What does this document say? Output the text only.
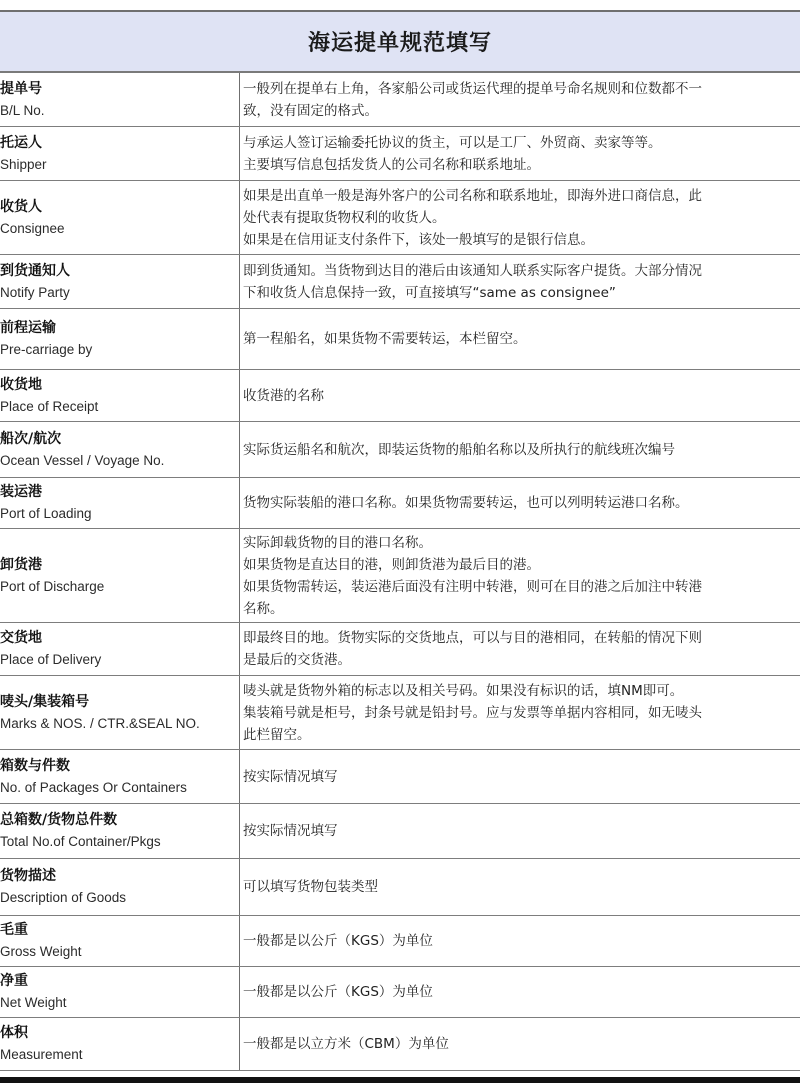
海运提单规范填写
提单号
B/L No.
一般列在提单右上角，各家船公司或货运代理的提单号命名规则和位数都不一
致，没有固定的格式。
托运人
Shipper
与承运人签订运输委托协议的货主，可以是工厂、外贸商、卖家等等。
主要填写信息包括发货人的公司名称和联系地址。
收货人
Consignee
如果是出直单一般是海外客户的公司名称和联系地址，即海外进口商信息，此
处代表有提取货物权利的收货人。
如果是在信用证支付条件下，该处一般填写的是银行信息。
到货通知人
Notify Party
即到货通知。当货物到达目的港后由该通知人联系实际客户提货。大部分情况
下和收货人信息保持一致，可直接填写“same as consignee”
前程运输
Pre-carriage by
第一程船名，如果货物不需要转运，本栏留空。
收货地
Place of Receipt
收货港的名称
船次/航次
Ocean Vessel / Voyage No.
实际货运船名和航次，即装运货物的船舶名称以及所执行的航线班次编号
装运港
Port of Loading
货物实际装船的港口名称。如果货物需要转运，也可以列明转运港口名称。
卸货港
Port of Discharge
实际卸载货物的目的港口名称。
如果货物是直达目的港，则卸货港为最后目的港。
如果货物需转运，装运港后面没有注明中转港，则可在目的港之后加注中转港
名称。
交货地
Place of Delivery
即最终目的地。货物实际的交货地点，可以与目的港相同，在转船的情况下则
是最后的交货港。
唛头/集装箱号
Marks & NOS. / CTR.&SEAL NO.
唛头就是货物外箱的标志以及相关号码。如果没有标识的话，填NM即可。
集装箱号就是柜号，封条号就是铅封号。应与发票等单据内容相同，如无唛头
此栏留空。
箱数与件数
No. of Packages Or Containers
按实际情况填写
总箱数/货物总件数
Total No.of Container/Pkgs
按实际情况填写
货物描述
Description of Goods
可以填写货物包装类型
毛重
Gross Weight
一般都是以公斤（KGS）为单位
净重
Net Weight
一般都是以公斤（KGS）为单位
体积
Measurement
一般都是以立方米（CBM）为单位
